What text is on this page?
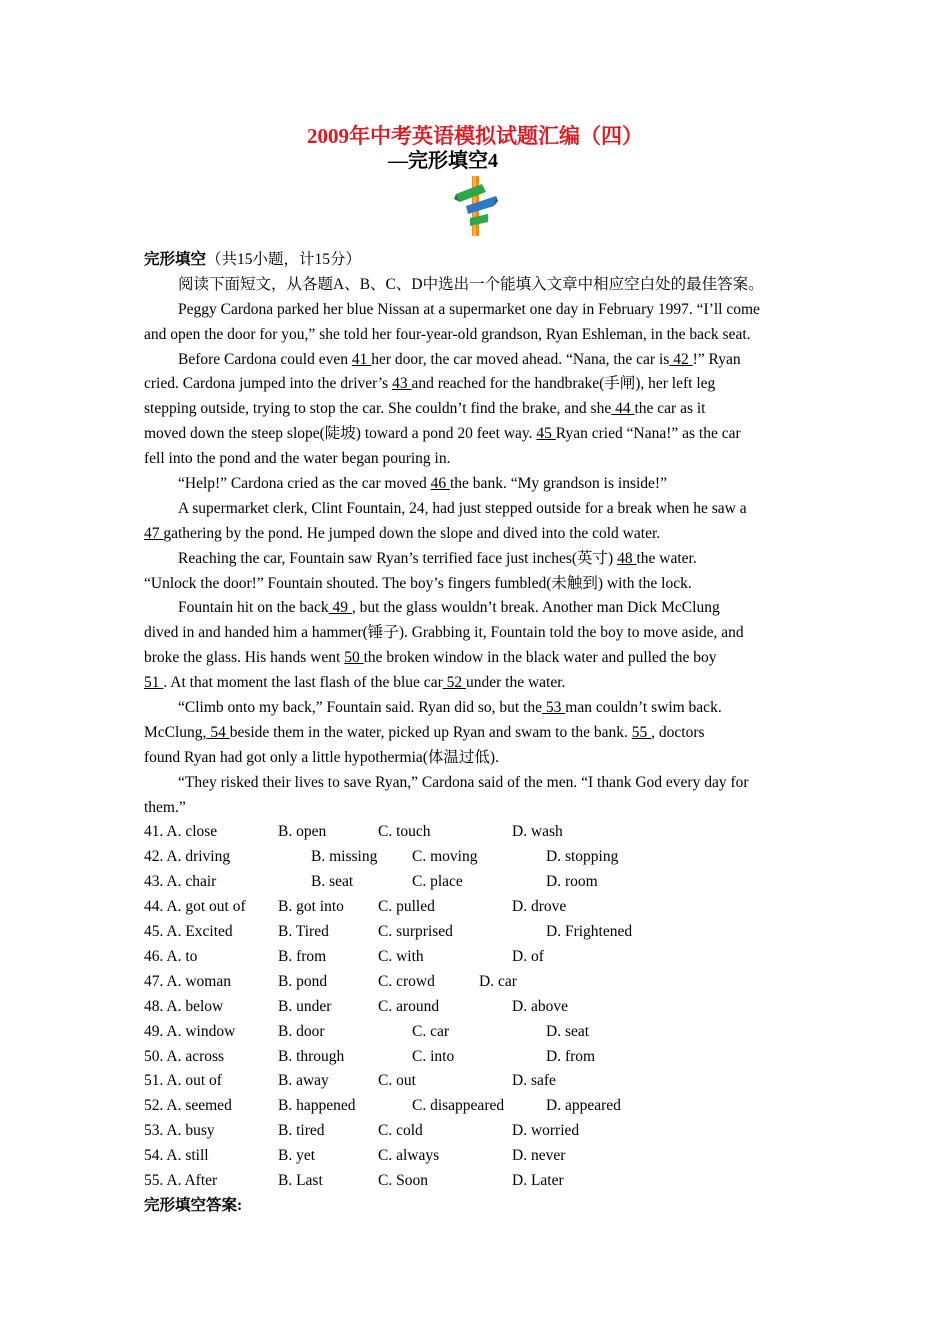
2009年中考英语模拟试题汇编（四）
—完形填空4
完形填空（共15小题，计15分）
阅读下面短文，从各题A、B、C、D中选出一个能填入文章中相应空白处的最佳答案。
Peggy Cardona parked her blue Nissan at a supermarket one day in February 1997. “I’ll come
and open the door for you,” she told her four-year-old grandson, Ryan Eshleman, in the back seat.
Before Cardona could even 41 her door, the car moved ahead. “Nana, the car is 42 !” Ryan
cried. Cardona jumped into the driver’s 43 and reached for the handbrake(手闸), her left leg
stepping outside, trying to stop the car. She couldn’t find the brake, and she 44 the car as it
moved down the steep slope(陡坡) toward a pond 20 feet way. 45 Ryan cried “Nana!” as the car
fell into the pond and the water began pouring in.
“Help!” Cardona cried as the car moved 46 the bank. “My grandson is inside!”
A supermarket clerk, Clint Fountain, 24, had just stepped outside for a break when he saw a
47 gathering by the pond. He jumped down the slope and dived into the cold water.
Reaching the car, Fountain saw Ryan’s terrified face just inches(英寸) 48 the water.
“Unlock the door!” Fountain shouted. The boy’s fingers fumbled(未触到) with the lock.
Fountain hit on the back 49 , but the glass wouldn’t break. Another man Dick McClung
dived in and handed him a hammer(锤子). Grabbing it, Fountain told the boy to move aside, and
broke the glass. His hands went 50 the broken window in the black water and pulled the boy
51 . At that moment the last flash of the blue car 52 under the water.
“Climb onto my back,” Fountain said. Ryan did so, but the 53 man couldn’t swim back.
McClung, 54 beside them in the water, picked up Ryan and swam to the bank. 55 , doctors
found Ryan had got only a little hypothermia(体温过低).
“They risked their lives to save Ryan,” Cardona said of the men. “I thank God every day for
them.”
41. A. close	B. open	C. touch	D. wash
42. A. driving	B. missing C. moving	D. stopping
43. A. chair	B. seat	C. place	D. room
44. A. got out of B. got into C. pulled	D. drove
45. A. Excited	B. Tired	C. surprised	D. Frightened
46. A. to	B. from	C. with	D. of
47. A. woman	B. pond	C. crowd	D. car
48. A. below	B. under	C. around	D. above
49. A. window	B. door	C. car	D. seat
50. A. across	B. through	C. into	D. from
51. A. out of	B. away	C. out	D. safe
52. A. seemed	B. happened	C. disappeared	D. appeared
53. A. busy	B. tired	C. cold	D. worried
54. A. still	B. yet	C. always	D. never
55. A. After	B. Last	C. Soon	D. Later
完形填空答案:
